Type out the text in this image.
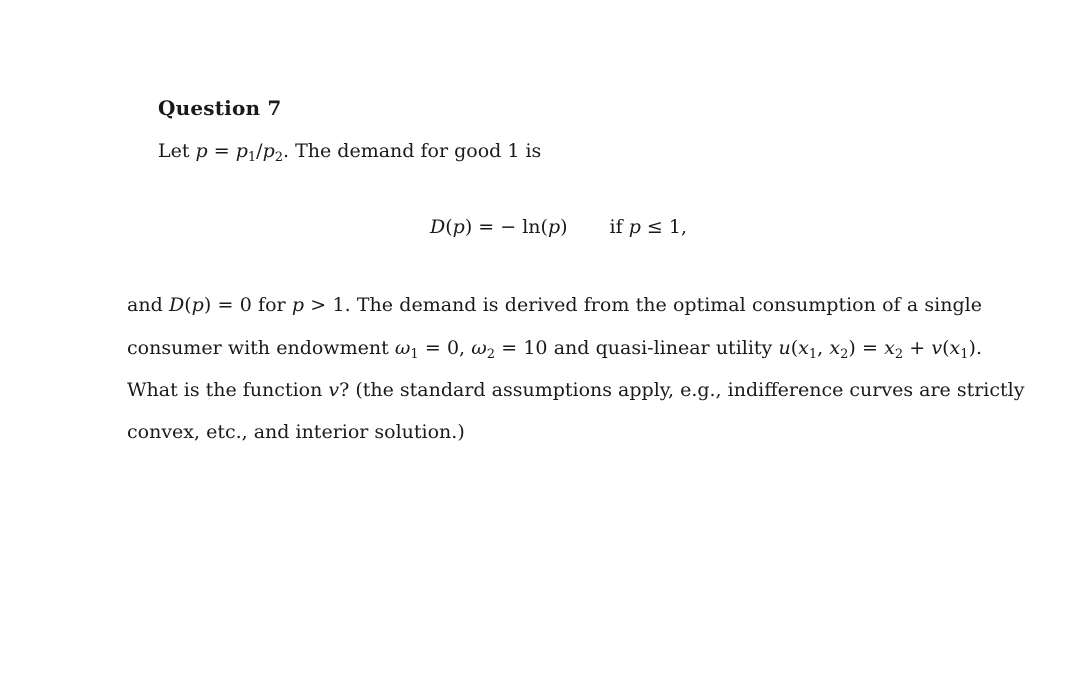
Question 7
Let $p = p_1/p_2$. The demand for good 1 is
D(p) = − ln(p) if p ≤ 1,
and D(p) = 0 for p > 1. The demand is derived from the optimal consumption of a single
consumer with endowment $\omega_1 = 0$, $\omega_2 = 10$ and quasi-linear utility $u(x_1$, $x_2) = x_2 + v(x_1)$.
What is the function v? (the standard assumptions apply, e.g., indifference curves are strictly
convex, etc., and interior solution.)
